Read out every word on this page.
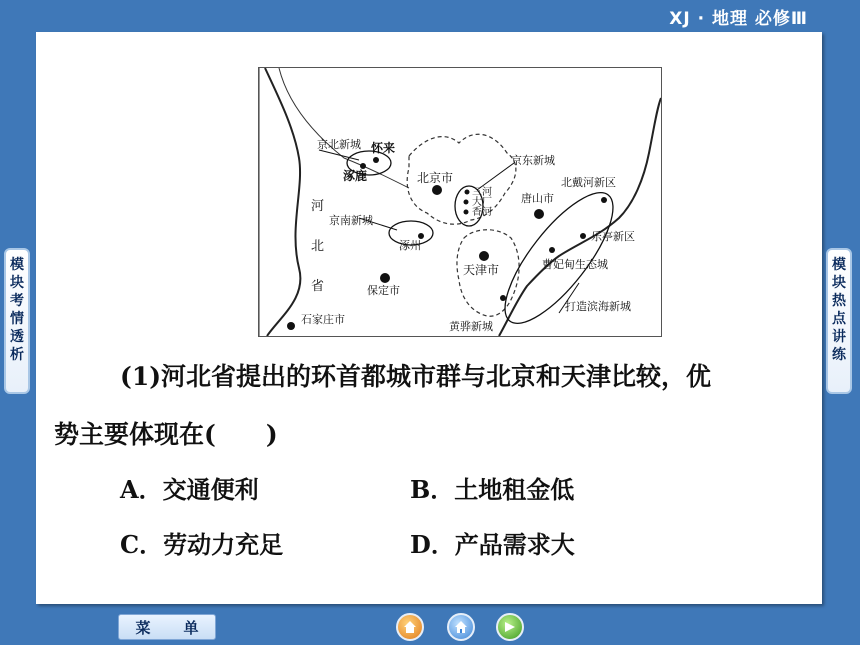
XJ · 地理 必修Ⅲ
模块考情透析
模块热点讲练
京北新城 怀来
涿鹿	北京市
京东新城
三河
大厂
香河
唐山市
北戴河新区
河
京南新城
涿州
北
天津市
乐亭新区
曹妃甸生态城
省	保定市
打造滨海新城
石家庄市
黄骅新城
(1)河北省提出的环首都城市群与北京和天津比较，优
势主要体现在(　　)
A．交通便利	B．土地租金低
C．劳动力充足	D．产品需求大
菜 单
